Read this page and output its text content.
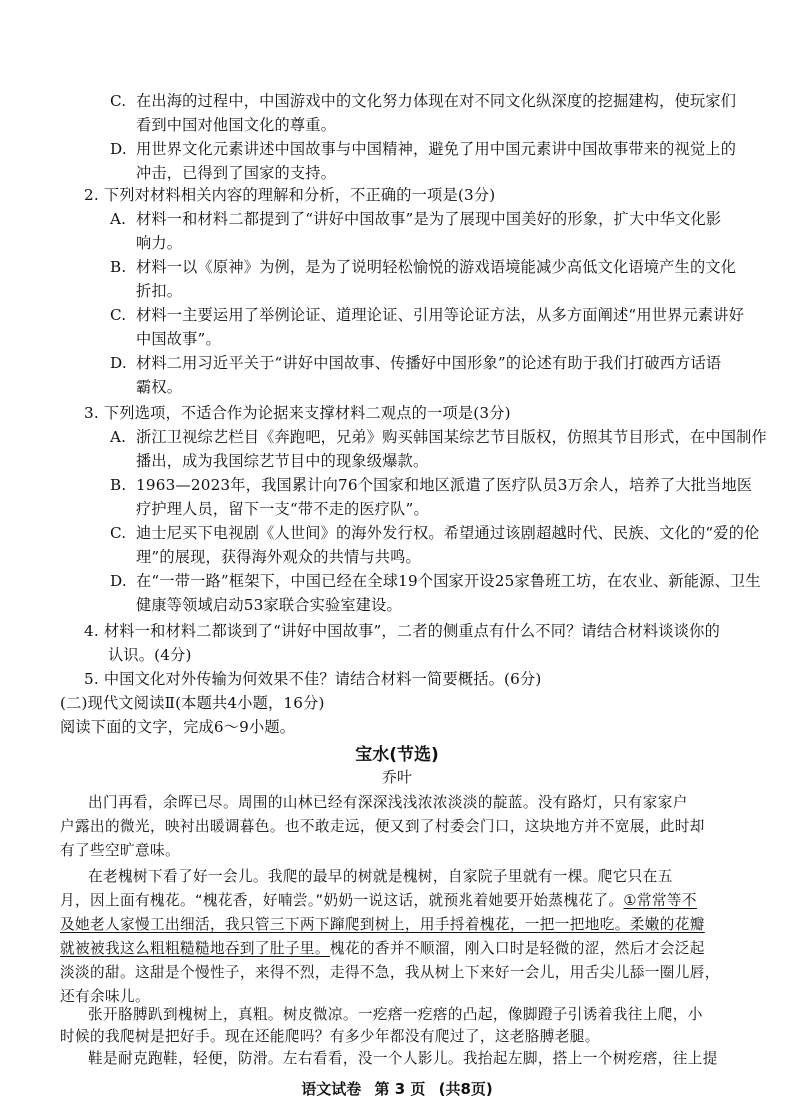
C. 在出海的过程中，中国游戏中的文化努力体现在对不同文化纵深度的挖掘建构，使玩家们
看到中国对他国文化的尊重。
D. 用世界文化元素讲述中国故事与中国精神，避免了用中国元素讲中国故事带来的视觉上的
冲击，已得到了国家的支持。
2. 下列对材料相关内容的理解和分析，不正确的一项是(3分)
A. 材料一和材料二都提到了“讲好中国故事”是为了展现中国美好的形象，扩大中华文化影
响力。
B. 材料一以《原神》为例，是为了说明轻松愉悦的游戏语境能减少高低文化语境产生的文化
折扣。
C. 材料一主要运用了举例论证、道理论证、引用等论证方法，从多方面阐述“用世界元素讲好
中国故事”。
D. 材料二用习近平关于“讲好中国故事、传播好中国形象”的论述有助于我们打破西方话语
霸权。
3. 下列选项，不适合作为论据来支撑材料二观点的一项是(3分)
A. 浙江卫视综艺栏目《奔跑吧，兄弟》购买韩国某综艺节目版权，仿照其节目形式，在中国制作
播出，成为我国综艺节目中的现象级爆款。
B. 1963—2023年，我国累计向76个国家和地区派遣了医疗队员3万余人，培养了大批当地医
疗护理人员，留下一支“带不走的医疗队”。
C. 迪士尼买下电视剧《人世间》的海外发行权。希望通过该剧超越时代、民族、文化的“爱的伦
理”的展现，获得海外观众的共情与共鸣。
D. 在“一带一路”框架下，中国已经在全球19个国家开设25家鲁班工坊，在农业、新能源、卫生
健康等领域启动53家联合实验室建设。
4. 材料一和材料二都谈到了“讲好中国故事”，二者的侧重点有什么不同？请结合材料谈谈你的
认识。(4分)
5. 中国文化对外传输为何效果不佳？请结合材料一简要概括。(6分)
(二)现代文阅读Ⅱ(本题共4小题，16分)
阅读下面的文字，完成6～9小题。
宝水(节选)
乔叶
出门再看，余晖已尽。周围的山林已经有深深浅浅浓浓淡淡的靛蓝。没有路灯，只有家家户
户露出的微光，映衬出暖调暮色。也不敢走远，便又到了村委会门口，这块地方并不宽展，此时却
有了些空旷意味。
在老槐树下看了好一会儿。我爬的最早的树就是槐树，自家院子里就有一棵。爬它只在五
月，因上面有槐花。“槐花香，好喃尝。”奶奶一说这话，就预兆着她要开始蒸槐花了。①常常等不
及她老人家慢工出细活，我只管三下两下蹿爬到树上，用手捋着槐花，一把一把地吃。柔嫩的花瓣
就被被我这么粗粗糙糙地吞到了肚子里。槐花的香并不顺溜，刚入口时是轻微的涩，然后才会泛起
淡淡的甜。这甜是个慢性子，来得不烈，走得不急，我从树上下来好一会儿，用舌尖儿舔一圈儿唇，
还有余味儿。
张开胳膊趴到槐树上，真粗。树皮微凉。一疙瘩一疙瘩的凸起，像脚蹬子引诱着我往上爬，小
时候的我爬树是把好手。现在还能爬吗？有多少年都没有爬过了，这老胳膊老腿。
语文试卷 第 3 页 (共8页)
鞋是耐克跑鞋，轻便，防滑。左右看看，没一个人影儿。我抬起左脚，搭上一个树疙瘩，往上提
